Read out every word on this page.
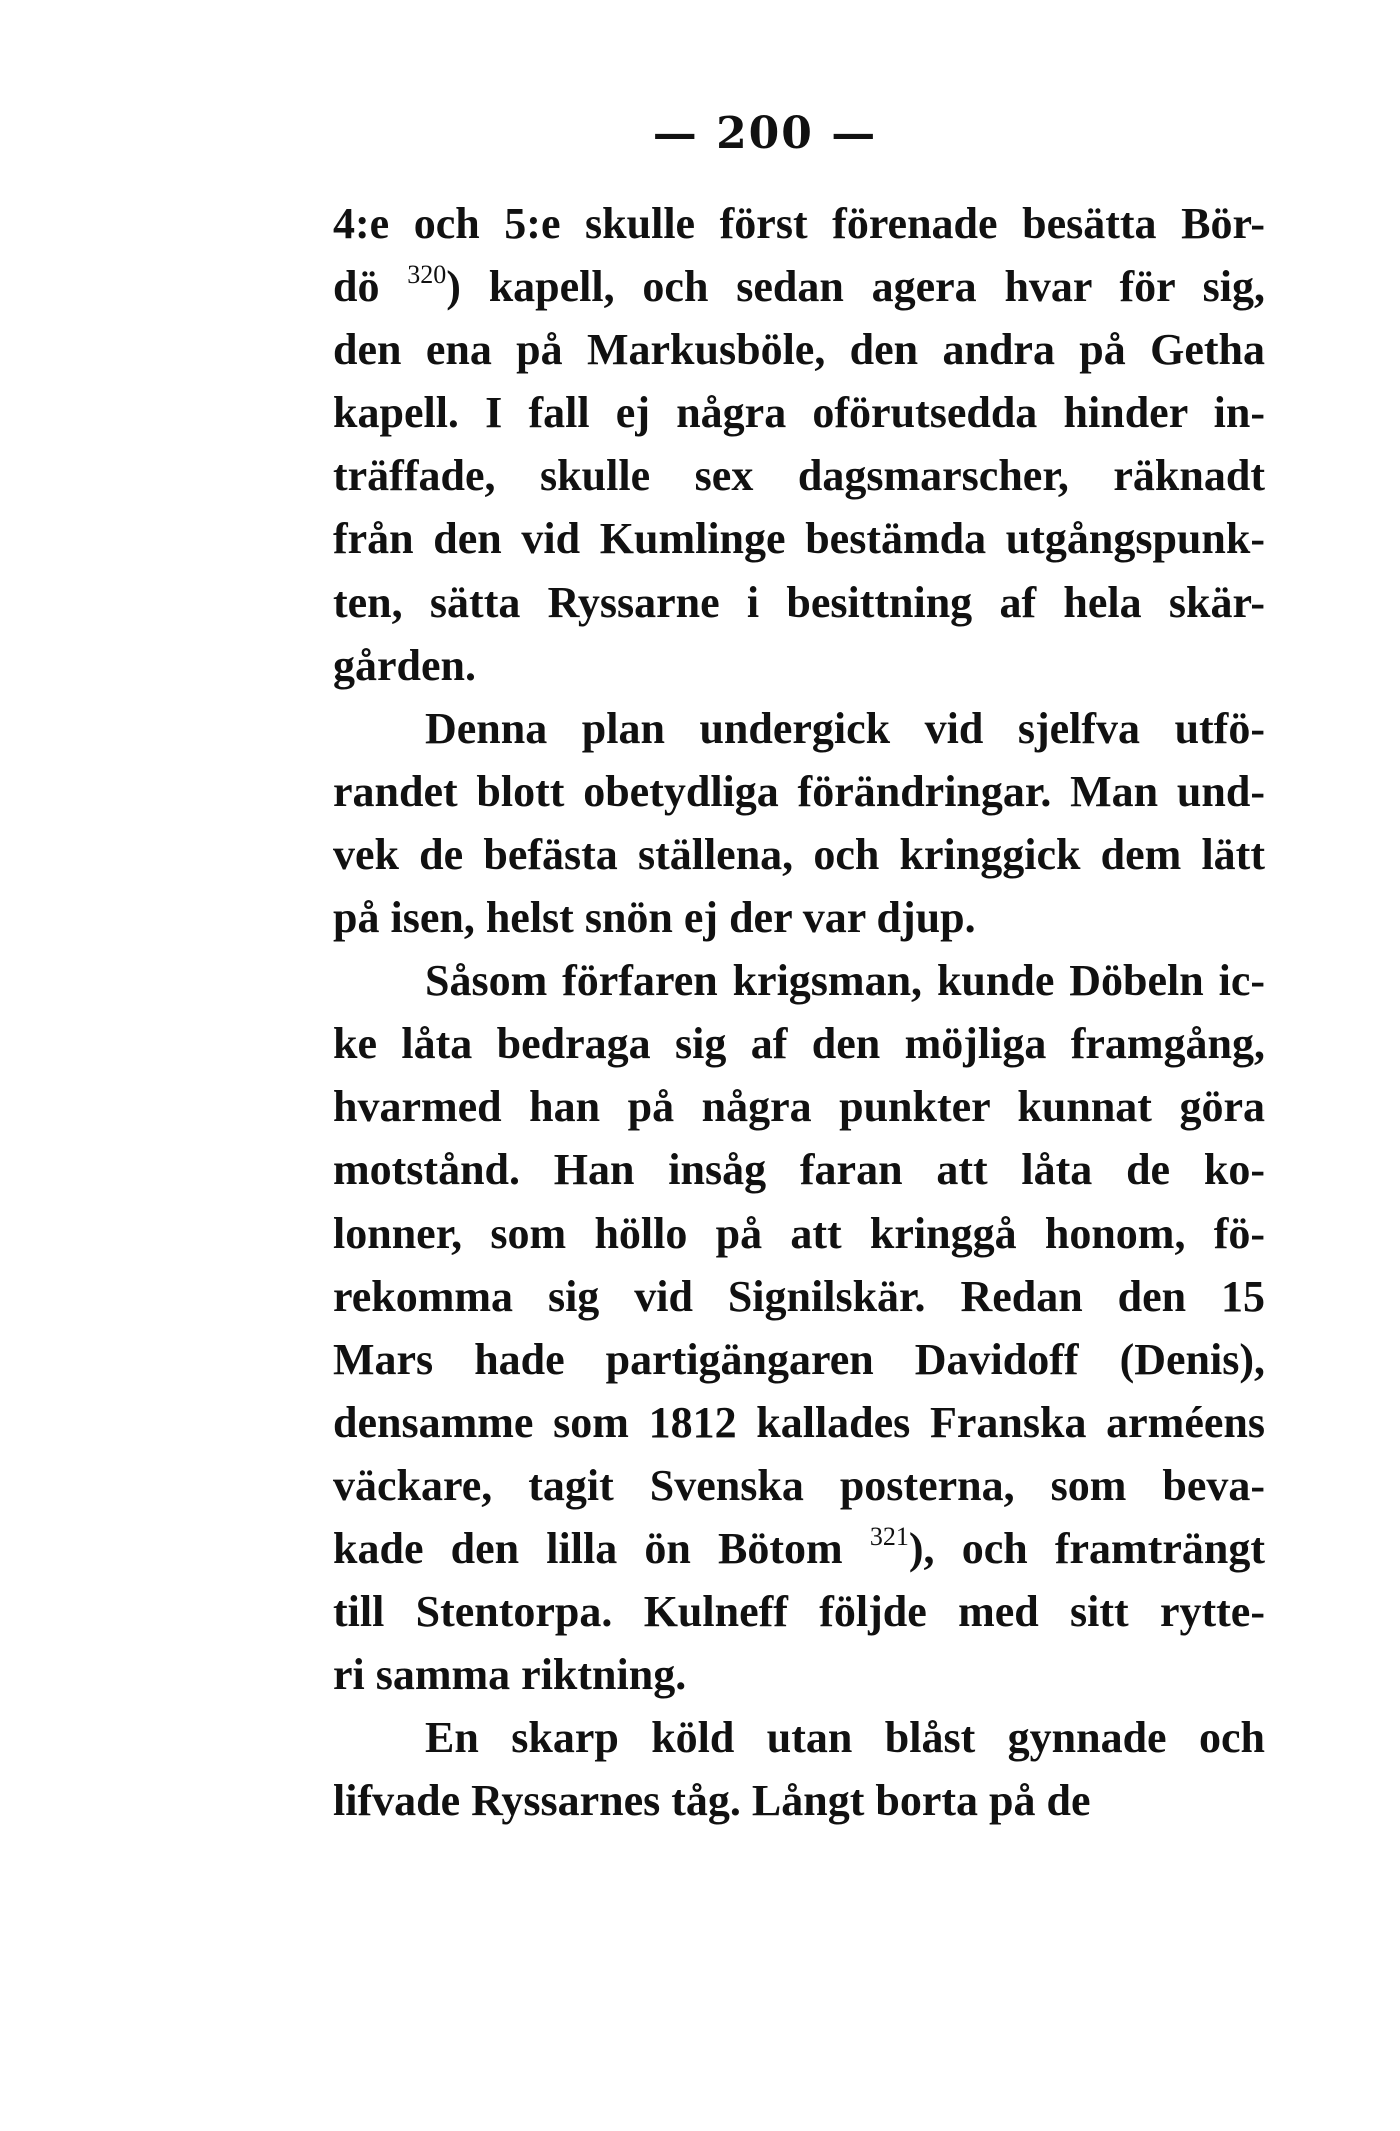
— 200 —
4:e och 5:e skulle först förenade besätta Bör-
dö $^{320}$) kapell, och sedan agera hvar för sig,
den ena på Markusböle, den andra på Getha
kapell. I fall ej några oförutsedda hinder in-
träffade, skulle sex dagsmarscher, räknadt
från den vid Kumlinge bestämda utgångspunk-
ten, sätta Ryssarne i besittning af hela skär-
gården.
Denna plan undergick vid sjelfva utfö-
randet blott obetydliga förändringar. Man und-
vek de befästa ställena, och kringgick dem lätt
på isen, helst snön ej der var djup.
Såsom förfaren krigsman, kunde Döbeln ic-
ke låta bedraga sig af den möjliga framgång,
hvarmed han på några punkter kunnat göra
motstånd. Han insåg faran att låta de ko-
lonner, som höllo på att kringgå honom, fö-
rekomma sig vid Signilskär. Redan den 15
Mars hade partigängaren Davidoff (Denis),
densamme som 1812 kallades Franska arméens
väckare, tagit Svenska posterna, som beva-
kade den lilla ön Bötom $^{321}$), och framträngt
till Stentorpa. Kulneff följde med sitt rytte-
ri samma riktning.
En skarp köld utan blåst gynnade och
lifvade Ryssarnes tåg. Långt borta på de
